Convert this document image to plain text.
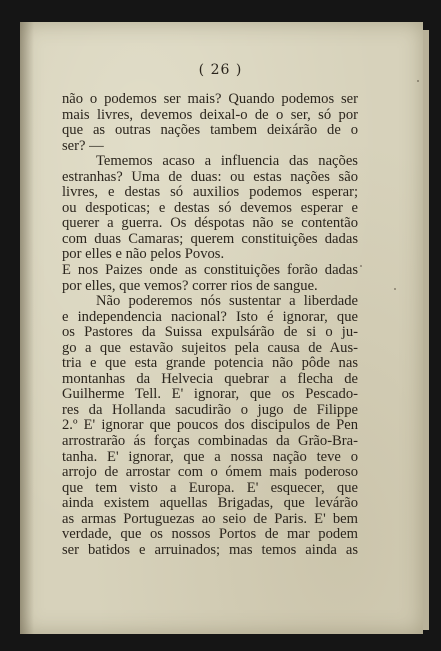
( 26 )
não o podemos ser mais? Quando podemos ser
mais livres, devemos deixal-o de o ser, só por
que as outras nações tambem deixárão de o
ser? —
Tememos acaso a influencia das nações
estranhas? Uma de duas: ou estas nações são
livres, e destas só auxilios podemos esperar;
ou despoticas; e destas só devemos esperar e
querer a guerra. Os déspotas não se contentão
com duas Camaras; querem constituições dadas
por elles e não pelos Povos.
E nos Paizes onde as constituições forão dadas
por elles, que vemos? correr rios de sangue.
Não poderemos nós sustentar a liberdade
e independencia nacional? Isto é ignorar, que
os Pastores da Suissa expulsárão de si o ju-
go a que estavão sujeitos pela causa de Aus-
tria e que esta grande potencia não pôde nas
montanhas da Helvecia quebrar a flecha de
Guilherme Tell. E' ignorar, que os Pescado-
res da Hollanda sacudirão o jugo de Filippe
2.º E' ignorar que poucos dos discipulos de Pen
arrostrarão ás forças combinadas da Grão-Bra-
tanha. E' ignorar, que a nossa nação teve o
arrojo de arrostar com o ómem mais poderoso
que tem visto a Europa. E' esquecer, que
ainda existem aquellas Brigadas, que levárão
as armas Portuguezas ao seio de Paris. E' bem
verdade, que os nossos Portos de mar podem
ser batidos e arruinados; mas temos ainda as
